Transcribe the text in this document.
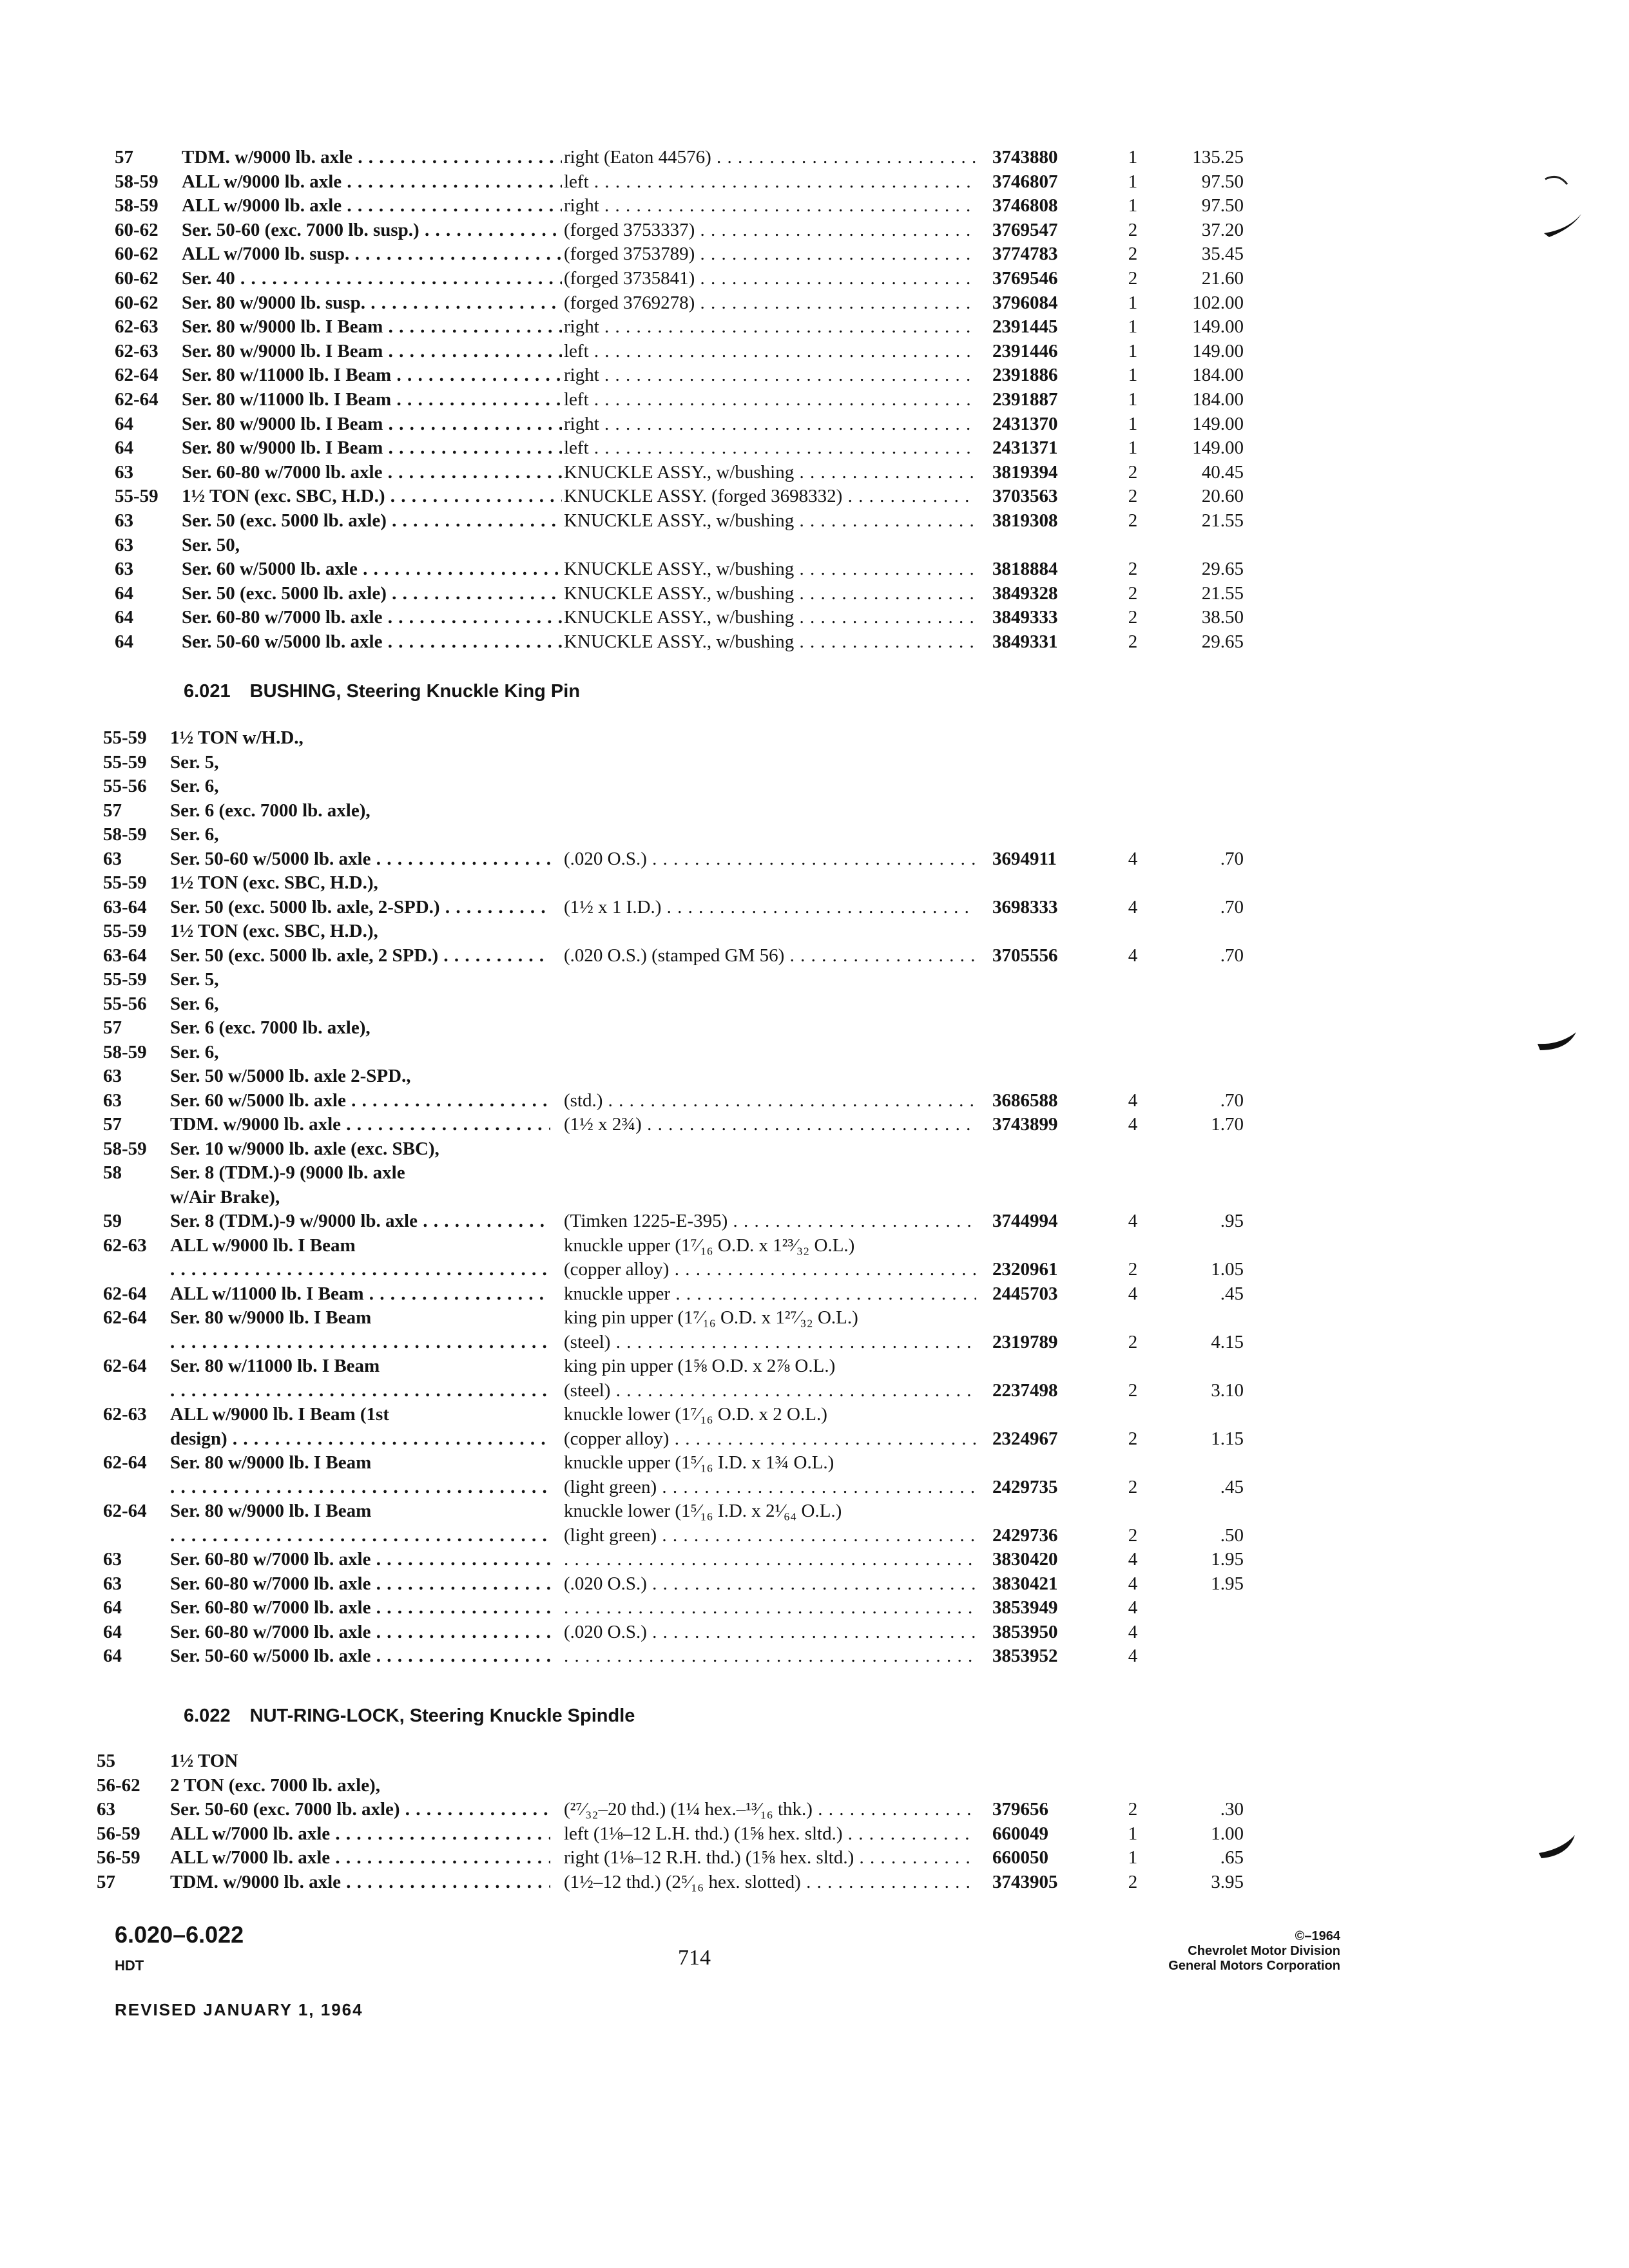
57	TDM. w/9000 lb. axle . . .	right (Eaton 44576) . . .	3743880	1	135.25
58-59	ALL w/9000 lb. axle . . .	left . . .	3746807	1	97.50
58-59	ALL w/9000 lb. axle . . .	right . . .	3746808	1	97.50
60-62	Ser. 50-60 (exc. 7000 lb. susp.) . . .	(forged 3753337) . . .	3769547	2	37.20
60-62	ALL w/7000 lb. susp. . . .	(forged 3753789) . . .	3774783	2	35.45
60-62	Ser. 40 . . .	(forged 3735841) . . .	3769546	2	21.60
60-62	Ser. 80 w/9000 lb. susp. . . .	(forged 3769278) . . .	3796084	1	102.00
62-63	Ser. 80 w/9000 lb. I Beam . . .	right . . .	2391445	1	149.00
62-63	Ser. 80 w/9000 lb. I Beam . . .	left . . .	2391446	1	149.00
62-64	Ser. 80 w/11000 lb. I Beam . . .	right . . .	2391886	1	184.00
62-64	Ser. 80 w/11000 lb. I Beam . . .	left . . .	2391887	1	184.00
64	Ser. 80 w/9000 lb. I Beam . . .	right . . .	2431370	1	149.00
64	Ser. 80 w/9000 lb. I Beam . . .	left . . .	2431371	1	149.00
63	Ser. 60-80 w/7000 lb. axle . . .	KNUCKLE ASSY., w/bushing . . .	3819394	2	40.45
55-59	1½ TON (exc. SBC, H.D.) . . .	KNUCKLE ASSY. (forged 3698332) . . .	3703563	2	20.60
63	Ser. 50 (exc. 5000 lb. axle) . . .	KNUCKLE ASSY., w/bushing . . .	3819308	2	21.55
63	Ser. 50,
63	Ser. 60 w/5000 lb. axle . . .	KNUCKLE ASSY., w/bushing . . .	3818884	2	29.65
64	Ser. 50 (exc. 5000 lb. axle) . . .	KNUCKLE ASSY., w/bushing . . .	3849328	2	21.55
64	Ser. 60-80 w/7000 lb. axle . . .	KNUCKLE ASSY., w/bushing . . .	3849333	2	38.50
64	Ser. 50-60 w/5000 lb. axle . . .	KNUCKLE ASSY., w/bushing . . .	3849331	2	29.65
6.021 BUSHING, Steering Knuckle King Pin
55-59	1½ TON w/H.D.,
55-59	Ser. 5,
55-56	Ser. 6,
57	Ser. 6 (exc. 7000 lb. axle),
58-59	Ser. 6,
63	Ser. 50-60 w/5000 lb. axle . . .	(.020 O.S.) . . .	3694911	4	.70
55-59	1½ TON (exc. SBC, H.D.),
63-64	Ser. 50 (exc. 5000 lb. axle, 2-SPD.) . . .	(1½ x 1 I.D.) . . .	3698333	4	.70
55-59	1½ TON (exc. SBC, H.D.),
63-64	Ser. 50 (exc. 5000 lb. axle, 2 SPD.) . . .	(.020 O.S.) (stamped GM 56) . . .	3705556	4	.70
55-59	Ser. 5,
55-56	Ser. 6,
57	Ser. 6 (exc. 7000 lb. axle),
58-59	Ser. 6,
63	Ser. 50 w/5000 lb. axle 2-SPD.,
63	Ser. 60 w/5000 lb. axle . . .	(std.) . . .	3686588	4	.70
57	TDM. w/9000 lb. axle . . .	(1½ x 2¾) . . .	3743899	4	1.70
58-59	Ser. 10 w/9000 lb. axle (exc. SBC),
58	Ser. 8 (TDM.)-9 (9000 lb. axle
w/Air Brake),
59	Ser. 8 (TDM.)-9 w/9000 lb. axle . . .	(Timken 1225-E-395) . . .	3744994	4	.95
62-63	ALL w/9000 lb. I Beam	knuckle upper (1⁷⁄₁₆ O.D. x 1²³⁄₃₂ O.L.)
. . .
(copper alloy) . . .	2320961	2	1.05
62-64	ALL w/11000 lb. I Beam . . .	knuckle upper . . .	2445703	4	.45
62-64	Ser. 80 w/9000 lb. I Beam	king pin upper (1⁷⁄₁₆ O.D. x 1²⁷⁄₃₂ O.L.)
. . .
(steel) . . .	2319789	2	4.15
62-64	Ser. 80 w/11000 lb. I Beam	king pin upper (1⅝ O.D. x 2⅞ O.L.)
. . .
(steel) . . .	2237498	2	3.10
62-63	ALL w/9000 lb. I Beam (1st	knuckle lower (1⁷⁄₁₆ O.D. x 2 O.L.)
design) . . .	(copper alloy) . . .	2324967	2	1.15
62-64	Ser. 80 w/9000 lb. I Beam	knuckle upper (1⁵⁄₁₆ I.D. x 1¾ O.L.)
. . .
(light green) . . .	2429735	2	.45
62-64	Ser. 80 w/9000 lb. I Beam	knuckle lower (1⁵⁄₁₆ I.D. x 2¹⁄₆₄ O.L.)
. . .
(light green) . . .	2429736	2	.50
63	Ser. 60-80 w/7000 lb. axle . . . . . .	3830420	4	1.95
63	Ser. 60-80 w/7000 lb. axle . . .	(.020 O.S.) . . .	3830421	4	1.95
64	Ser. 60-80 w/7000 lb. axle . . . . . .	3853949	4
64	Ser. 60-80 w/7000 lb. axle . . .	(.020 O.S.) . . .	3853950	4
64	Ser. 50-60 w/5000 lb. axle . . . . . .	3853952	4
6.022 NUT-RING-LOCK, Steering Knuckle Spindle
55	1½ TON
56-62	2 TON (exc. 7000 lb. axle),
63	Ser. 50-60 (exc. 7000 lb. axle) . . .	(²⁷⁄₃₂–20 thd.) (1¼ hex.–¹³⁄₁₆ thk.) . . .	379656	2	.30
56-59	ALL w/7000 lb. axle . . .	left (1⅛–12 L.H. thd.) (1⅝ hex. sltd.) . . .	660049	1	1.00
56-59	ALL w/7000 lb. axle . . .	right (1⅛–12 R.H. thd.) (1⅝ hex. sltd.) . . .	660050	1	.65
57	TDM. w/9000 lb. axle . . .	(1½–12 thd.) (2⁵⁄₁₆ hex. slotted) . . .	3743905	2	3.95
6.020–6.022
HDT	714
©–1964
Chevrolet Motor Division
General Motors Corporation
REVISED JANUARY 1, 1964
